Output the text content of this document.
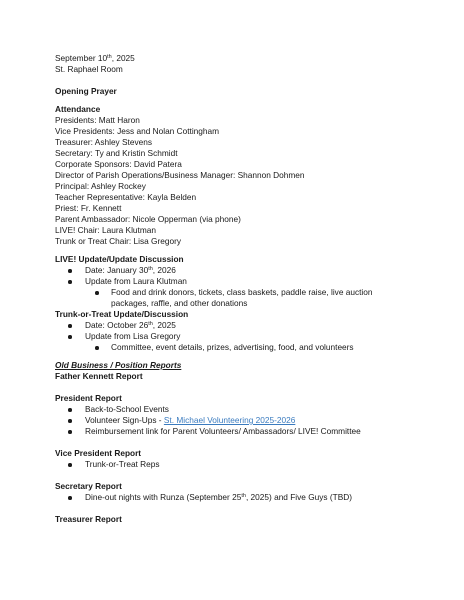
September 10th, 2025
St. Raphael Room
Opening Prayer
Attendance
Presidents: Matt Haron
Vice Presidents: Jess and Nolan Cottingham
Treasurer: Ashley Stevens
Secretary: Ty and Kristin Schmidt
Corporate Sponsors: David Patera
Director of Parish Operations/Business Manager: Shannon Dohmen
Principal: Ashley Rockey
Teacher Representative: Kayla Belden
Priest: Fr. Kennett
Parent Ambassador: Nicole Opperman (via phone)
LIVE! Chair: Laura Klutman
Trunk or Treat Chair: Lisa Gregory
LIVE! Update/Update Discussion
Date: January 30th, 2026
Update from Laura Klutman
Food and drink donors, tickets, class baskets, paddle raise, live auction packages, raffle, and other donations
Trunk-or-Treat Update/Discussion
Date: October 26th, 2025
Update from Lisa Gregory
Committee, event details, prizes, advertising, food, and volunteers
Old Business / Position Reports
Father Kennett Report
President Report
Back-to-School Events
Volunteer Sign-Ups - St. Michael Volunteering 2025-2026
Reimbursement link for Parent Volunteers/ Ambassadors/ LIVE! Committee
Vice President Report
Trunk-or-Treat Reps
Secretary Report
Dine-out nights with Runza (September 25th, 2025) and Five Guys (TBD)
Treasurer Report
